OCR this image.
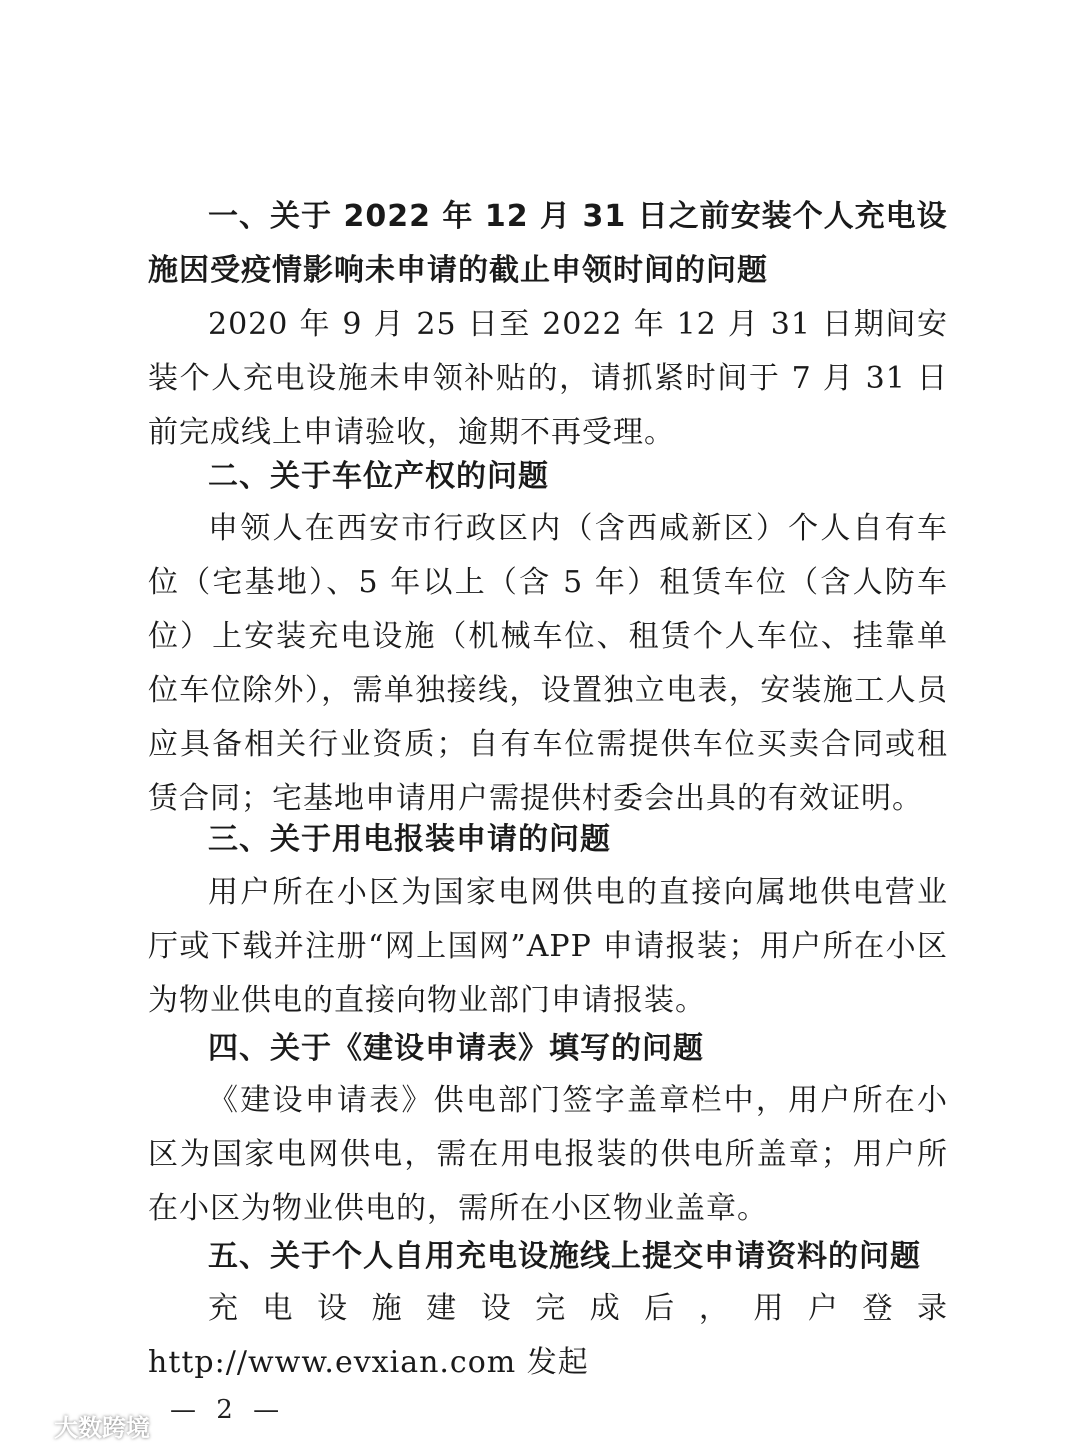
一、关于 2022 年 12 月 31 日之前安装个人充电设施因受疫情影响未申请的截止申领时间的问题
2020 年 9 月 25 日至 2022 年 12 月 31 日期间安装个人充电设施未申领补贴的，请抓紧时间于 7 月 31 日前完成线上申请验收，逾期不再受理。
二、关于车位产权的问题
申领人在西安市行政区内（含西咸新区）个人自有车位（宅基地）、5 年以上（含 5 年）租赁车位（含人防车位）上安装充电设施（机械车位、租赁个人车位、挂靠单位车位除外），需单独接线，设置独立电表，安装施工人员应具备相关行业资质；自有车位需提供车位买卖合同或租赁合同；宅基地申请用户需提供村委会出具的有效证明。
三、关于用电报装申请的问题
用户所在小区为国家电网供电的直接向属地供电营业厅或下载并注册“网上国网”APP 申请报装；用户所在小区为物业供电的直接向物业部门申请报装。
四、关于《建设申请表》填写的问题
《建设申请表》供电部门签字盖章栏中，用户所在小区为国家电网供电，需在用电报装的供电所盖章；用户所在小区为物业供电的，需所在小区物业盖章。
五、关于个人自用充电设施线上提交申请资料的问题
充电设施建设完成后，用户登录 http://www.evxian.com 发起
— 2 —
大数跨境
